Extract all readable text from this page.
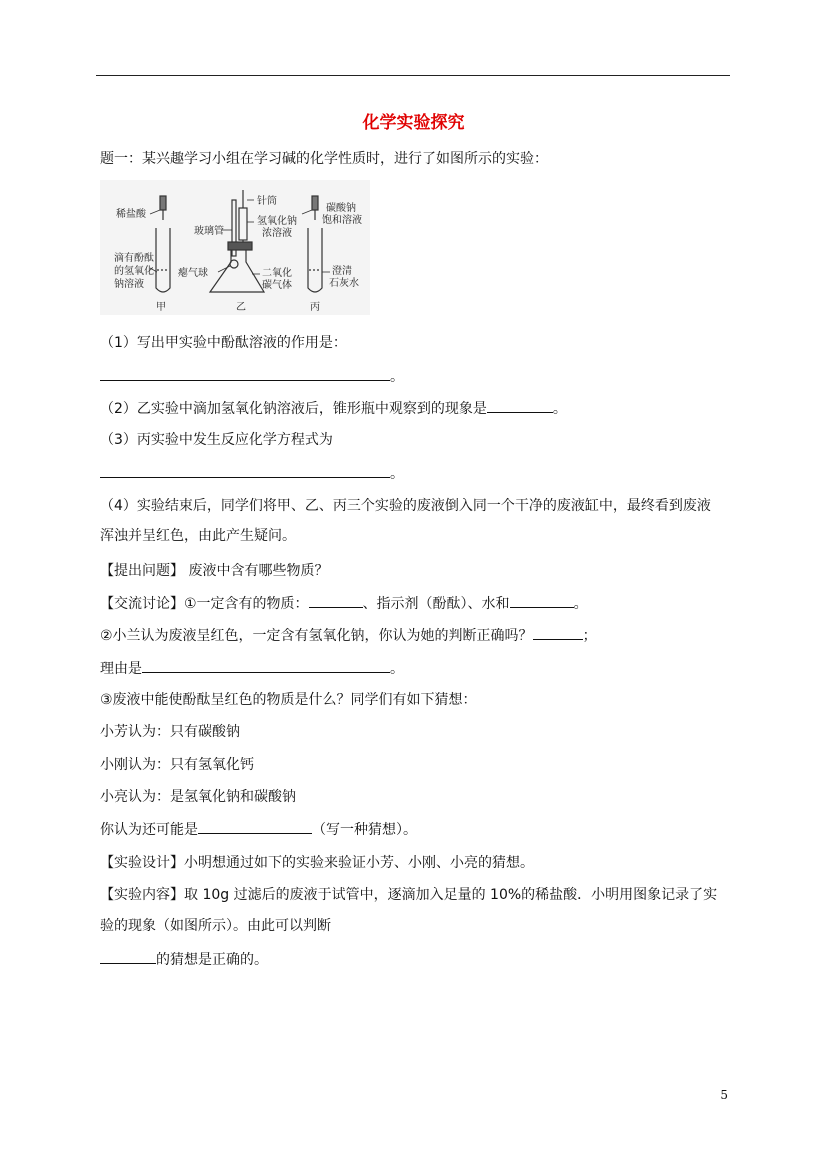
化学实验探究
题一：某兴趣学习小组在学习碱的化学性质时，进行了如图所示的实验：
稀盐酸
滴有酚酞
的氢氧化
钠溶液
针筒
氢氧化钠
浓溶液
玻璃管
瘪气球	二氧化
碳气体
碳酸钠
饱和溶液
澄清
石灰水
甲	乙	丙
（1）写出甲实验中酚酞溶液的作用是：
。
（2）乙实验中滴加氢氧化钠溶液后，锥形瓶中观察到的现象是	。
（3）丙实验中发生反应化学方程式为
。
（4）实验结束后，同学们将甲、乙、丙三个实验的废液倒入同一个干净的废液缸中，最终看到废液
浑浊并呈红色，由此产生疑问。
【提出问题】 废液中含有哪些物质？
【交流讨论】①一定含有的物质：	、指示剂（酚酞）、水和	。
②小兰认为废液呈红色，一定含有氢氧化钠，你认为她的判断正确吗？	；
理由是	。
③废液中能使酚酞呈红色的物质是什么？同学们有如下猜想：
小芳认为：只有碳酸钠
小刚认为：只有氢氧化钙
小亮认为：是氢氧化钠和碳酸钠
你认为还可能是	（写一种猜想）。
【实验设计】小明想通过如下的实验来验证小芳、小刚、小亮的猜想。
【实验内容】取 10g 过滤后的废液于试管中，逐滴加入足量的 10%的稀盐酸．小明用图象记录了实
验的现象（如图所示）。由此可以判断
的猜想是正确的。
5
